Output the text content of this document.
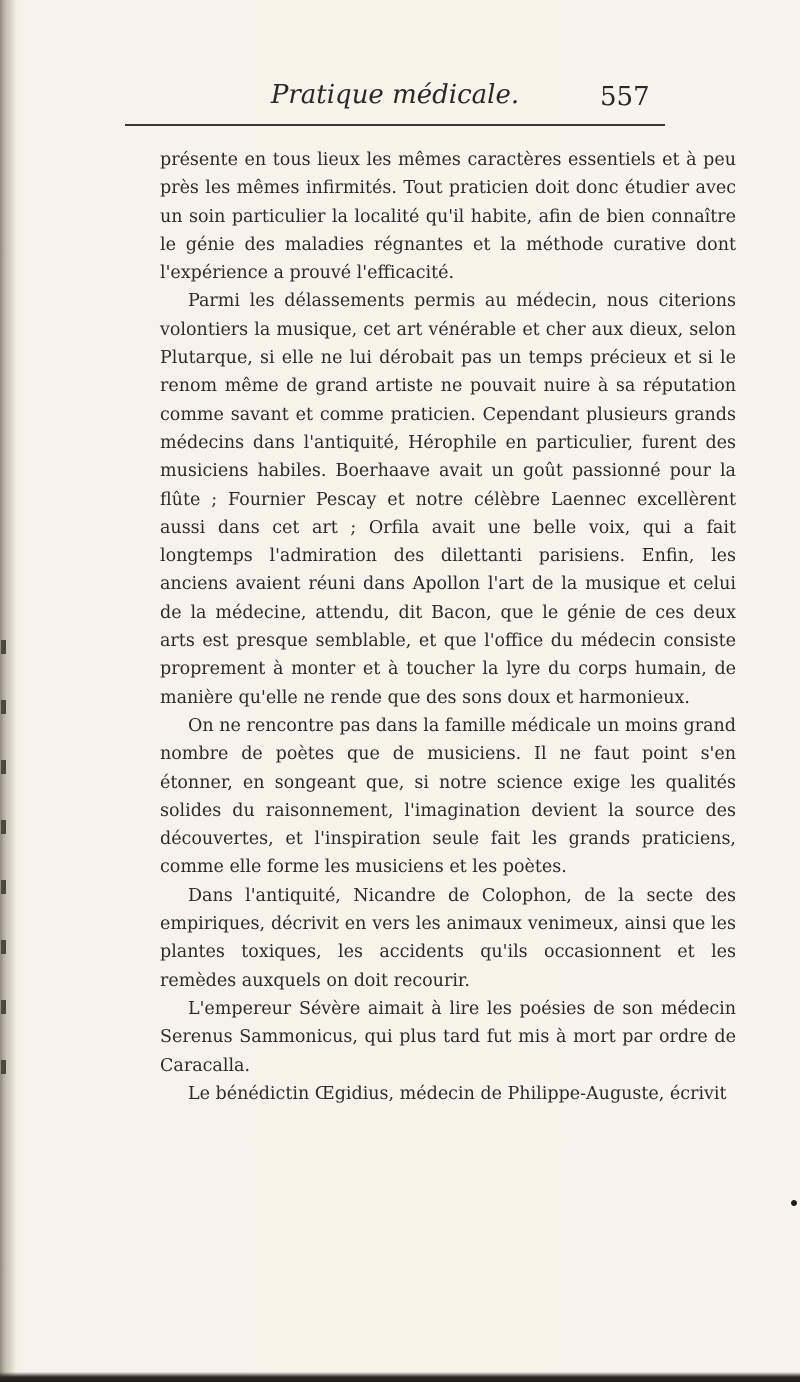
Pratique médicale.	557

présente en tous lieux les mêmes caractères essentiels et à peu près les mêmes infirmités. Tout praticien doit donc étudier avec un soin particulier la localité qu'il habite, afin de bien connaître le génie des maladies régnantes et la méthode curative dont l'expérience a prouvé l'efficacité.

Parmi les délassements permis au médecin, nous citerions volontiers la musique, cet art vénérable et cher aux dieux, selon Plutarque, si elle ne lui dérobait pas un temps précieux et si le renom même de grand artiste ne pouvait nuire à sa réputation comme savant et comme praticien. Cependant plusieurs grands médecins dans l'antiquité, Hérophile en particulier, furent des musiciens habiles. Boerhaave avait un goût passionné pour la flûte ; Fournier Pescay et notre célèbre Laennec excellèrent aussi dans cet art ; Orfila avait une belle voix, qui a fait longtemps l'admiration des dilettanti parisiens. Enfin, les anciens avaient réuni dans Apollon l'art de la musique et celui de la médecine, attendu, dit Bacon, que le génie de ces deux arts est presque semblable, et que l'office du médecin consiste proprement à monter et à toucher la lyre du corps humain, de manière qu'elle ne rende que des sons doux et harmonieux.

On ne rencontre pas dans la famille médicale un moins grand nombre de poètes que de musiciens. Il ne faut point s'en étonner, en songeant que, si notre science exige les qualités solides du raisonnement, l'imagination devient la source des découvertes, et l'inspiration seule fait les grands praticiens, comme elle forme les musiciens et les poètes.

Dans l'antiquité, Nicandre de Colophon, de la secte des empiriques, décrivit en vers les animaux venimeux, ainsi que les plantes toxiques, les accidents qu'ils occasionnent et les remèdes auxquels on doit recourir.

L'empereur Sévère aimait à lire les poésies de son médecin Serenus Sammonicus, qui plus tard fut mis à mort par ordre de Caracalla.

Le bénédictin Œgidius, médecin de Philippe-Auguste, écrivit
